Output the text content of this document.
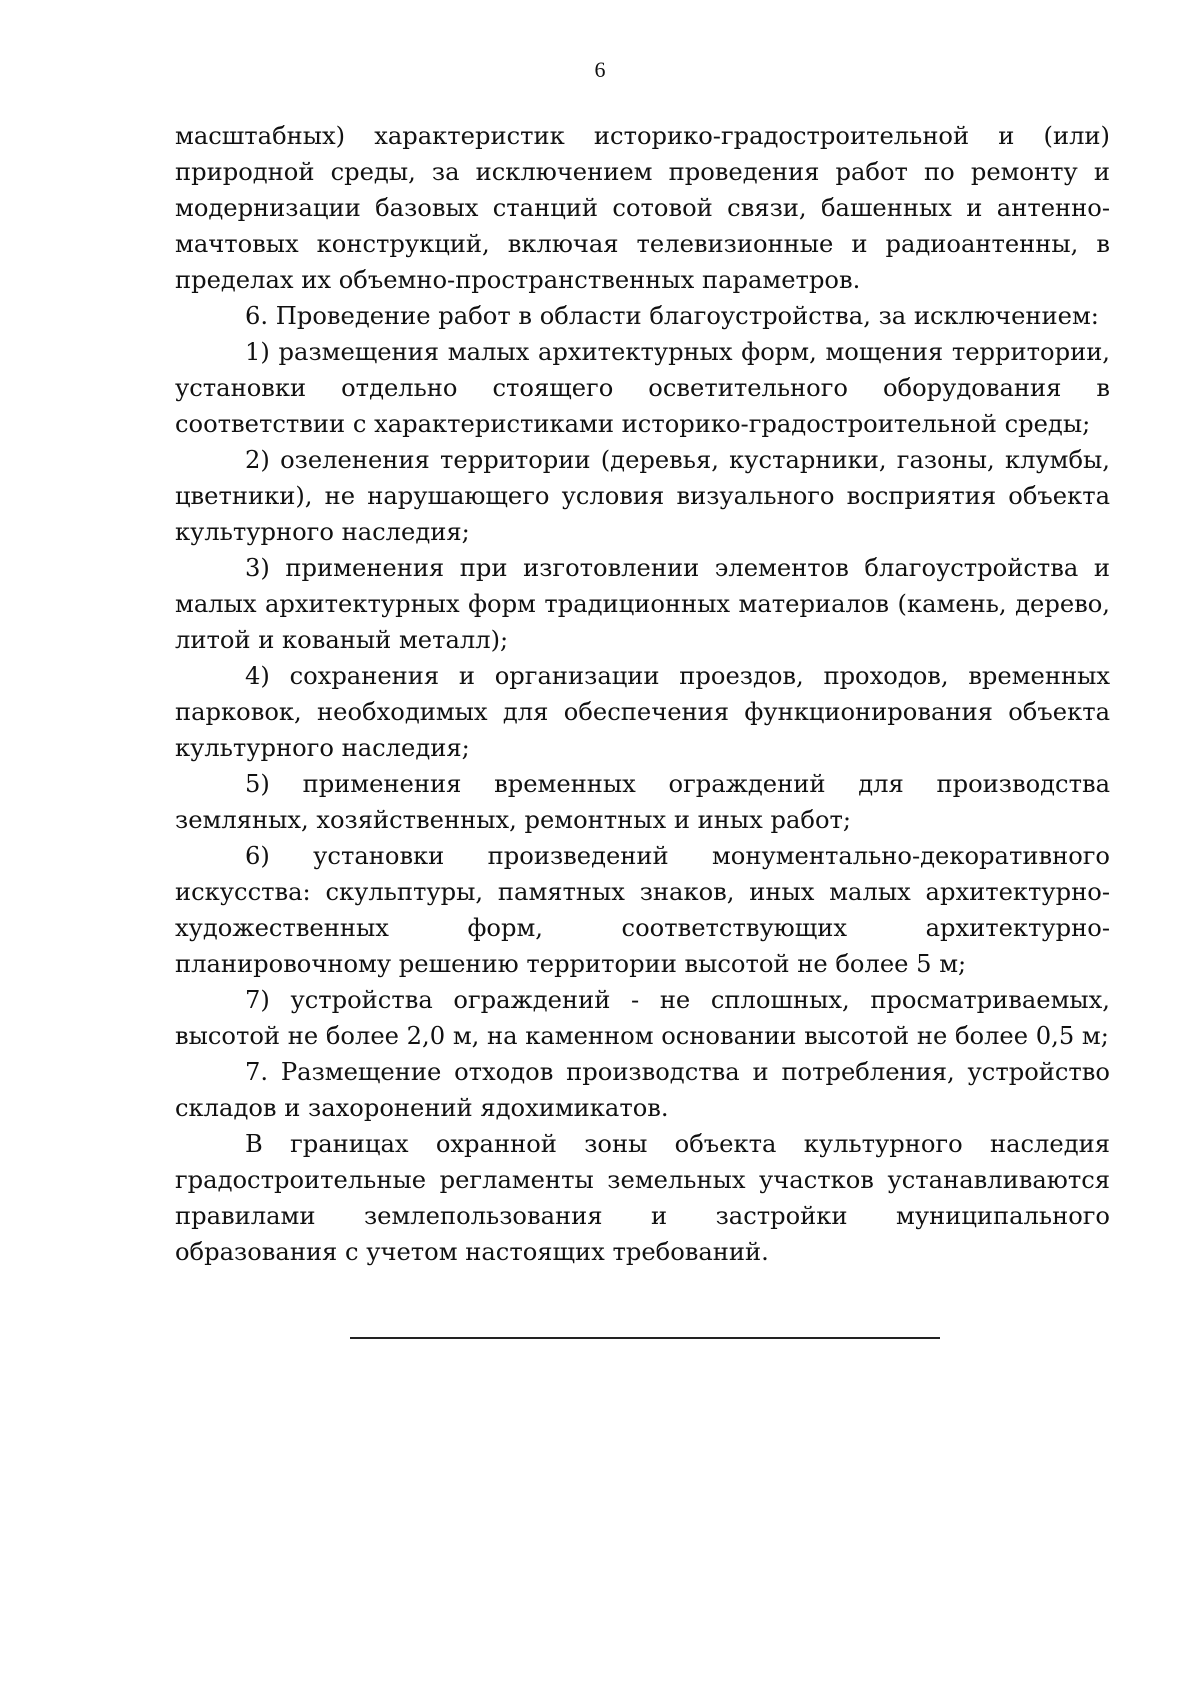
6

масштабных) характеристик историко-градостроительной и (или) природной среды, за исключением проведения работ по ремонту и модернизации базовых станций сотовой связи, башенных и антенно-мачтовых конструкций, включая телевизионные и радиоантенны, в пределах их объемно-пространственных параметров.

6. Проведение работ в области благоустройства, за исключением:

1) размещения малых архитектурных форм, мощения территории, установки отдельно стоящего осветительного оборудования в соответствии с характеристиками историко-градостроительной среды;

2) озеленения территории (деревья, кустарники, газоны, клумбы, цветники), не нарушающего условия визуального восприятия объекта культурного наследия;

3) применения при изготовлении элементов благоустройства и малых архитектурных форм традиционных материалов (камень, дерево, литой и кованый металл);

4) сохранения и организации проездов, проходов, временных парковок, необходимых для обеспечения функционирования объекта культурного наследия;

5) применения временных ограждений для производства земляных, хозяйственных, ремонтных и иных работ;

6) установки произведений монументально-декоративного искусства: скульптуры, памятных знаков, иных малых архитектурно-художественных форм, соответствующих архитектурно-планировочному решению территории высотой не более 5 м;

7) устройства ограждений - не сплошных, просматриваемых, высотой не более 2,0 м, на каменном основании высотой не более 0,5 м;

7. Размещение отходов производства и потребления, устройство складов и захоронений ядохимикатов.

В границах охранной зоны объекта культурного наследия градостроительные регламенты земельных участков устанавливаются правилами землепользования и застройки муниципального образования с учетом настоящих требований.
